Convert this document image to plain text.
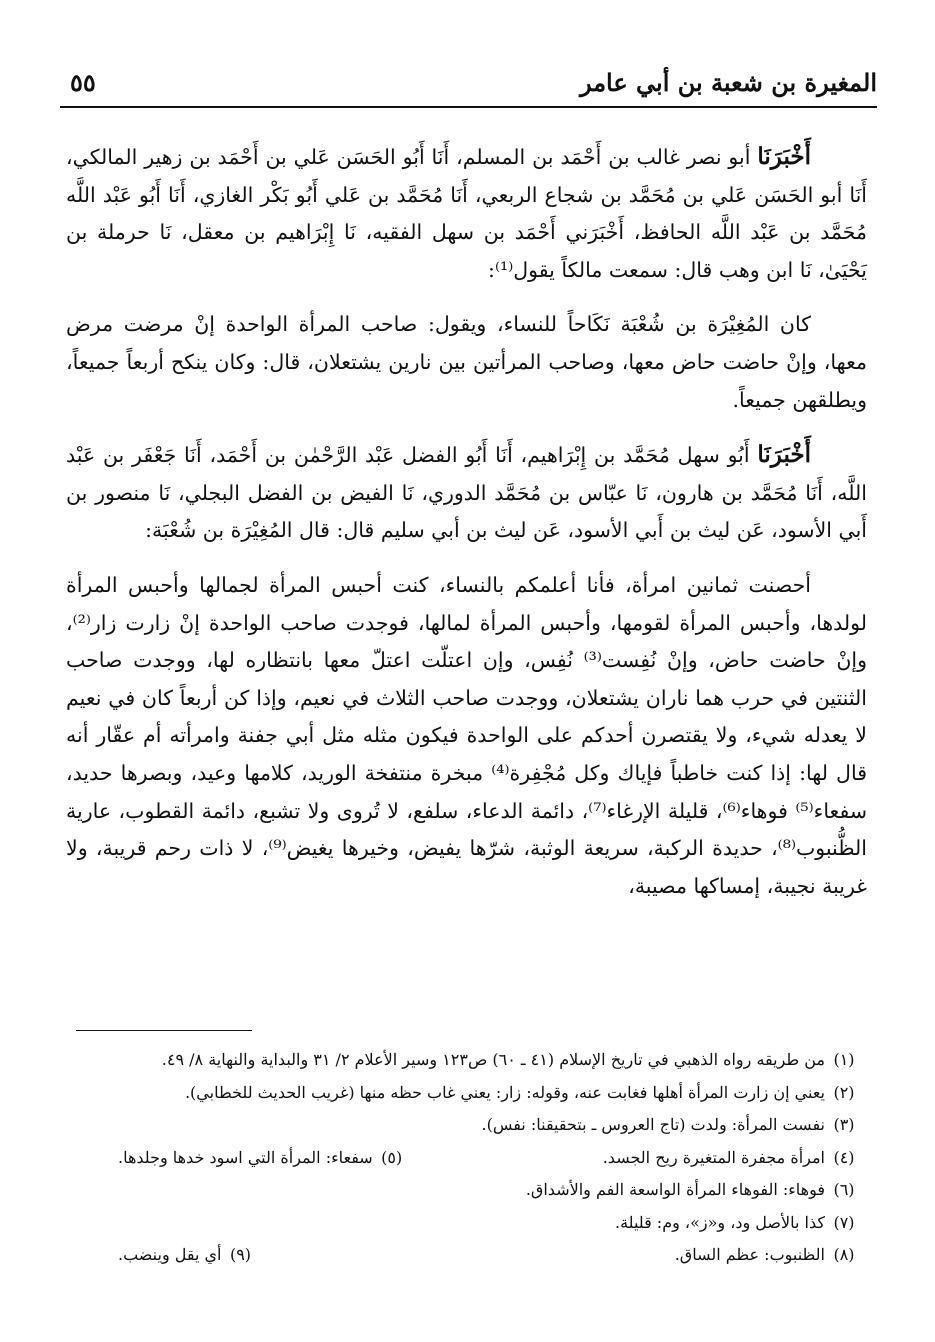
المغيرة بن شعبة بن أبي عامر
٥٥

أَخْبَرَنَا أبو نصر غالب بن أَحْمَد بن المسلم، أَنَا أَبُو الحَسَن عَلي بن أَحْمَد بن زهير المالكي، أَنَا أبو الحَسَن عَلي بن مُحَمَّد بن شجاع الربعي، أَنَا مُحَمَّد بن عَلي أَبُو بَكْر الغازي، أَنَا أَبُو عَبْد اللَّه مُحَمَّد بن عَبْد اللَّه الحافظ، أَخْبَرَني أَحْمَد بن سهل الفقيه، نَا إِبْرَاهيم بن معقل، نَا حرملة بن يَحْيَىٰ، نَا ابن وهب قال: سمعت مالكاً يقول⁽¹⁾:

كان المُغِيْرَة بن شُعْبَة نَكَاحاً للنساء، ويقول: صاحب المرأة الواحدة إنْ مرضت مرض معها، وإنْ حاضت حاض معها، وصاحب المرأتين بين نارين يشتعلان، قال: وكان ينكح أربعاً جميعاً، ويطلقهن جميعاً.

أَخْبَرَنَا أَبُو سهل مُحَمَّد بن إِبْرَاهيم، أَنَا أَبُو الفضل عَبْد الرَّحْمٰن بن أَحْمَد، أَنَا جَعْفَر بن عَبْد اللَّه، أَنَا مُحَمَّد بن هارون، نَا عبّاس بن مُحَمَّد الدوري، نَا الفيض بن الفضل البجلي، نَا منصور بن أَبي الأسود، عَن ليث بن أَبي الأسود، عَن ليث بن أبي سليم قال: قال المُغِيْرَة بن شُعْبَة:

أحصنت ثمانين امرأة، فأنا أعلمكم بالنساء، كنت أحبس المرأة لجمالها وأحبس المرأة لولدها، وأحبس المرأة لقومها، وأحبس المرأة لمالها، فوجدت صاحب الواحدة إنْ زارت زار⁽²⁾، وإنْ حاضت حاض، وإنْ نُفِست⁽³⁾ نُفِس، وإن اعتلّت اعتلّ معها بانتظاره لها، ووجدت صاحب الثنتين في حرب هما ناران يشتعلان، ووجدت صاحب الثلاث في نعيم، وإذا كن أربعاً كان في نعيم لا يعدله شيء، ولا يقتصرن أحدكم على الواحدة فيكون مثله مثل أبي جفنة وامرأته أم عقّار أنه قال لها: إذا كنت خاطباً فإياك وكل مُجْفِرة⁽⁴⁾ مبخرة منتفخة الوريد، كلامها وعيد، وبصرها حديد، سفعاء⁽⁵⁾ فوهاء⁽⁶⁾، قليلة الإرغاء⁽⁷⁾، دائمة الدعاء، سلفع، لا تُروى ولا تشبع، دائمة القطوب، عارية الظُّنبوب⁽⁸⁾، حديدة الركبة، سريعة الوثبة، شرّها يفيض، وخيرها يغيض⁽⁹⁾، لا ذات رحم قريبة، ولا غريبة نجيبة، إمساكها مصيبة،

(١)من طريقه رواه الذهبي في تاريخ الإسلام (٤١ ـ ٦٠) ص١٢٣ وسير الأعلام ٢/ ٣١ والبداية والنهاية ٨/ ٤٩.
(٢)يعني إن زارت المرأة أهلها فغابت عنه، وقوله: زار: يعني غاب حظه منها (غريب الحديث للخطابي).
(٣)نفست المرأة: ولدت (تاج العروس ـ بتحقيقنا: نفس).
(٤)امرأة مجفرة المتغيرة ريح الجسد.
(٥)سفعاء: المرأة التي اسود خدها وجلدها.
(٦)فوهاء: الفوهاء المرأة الواسعة الفم والأشداق.
(٧)كذا بالأصل ود، و«ز»، وم: قليلة.
(٨)الظنبوب: عظم الساق.
(٩)أي يقل وينضب.
